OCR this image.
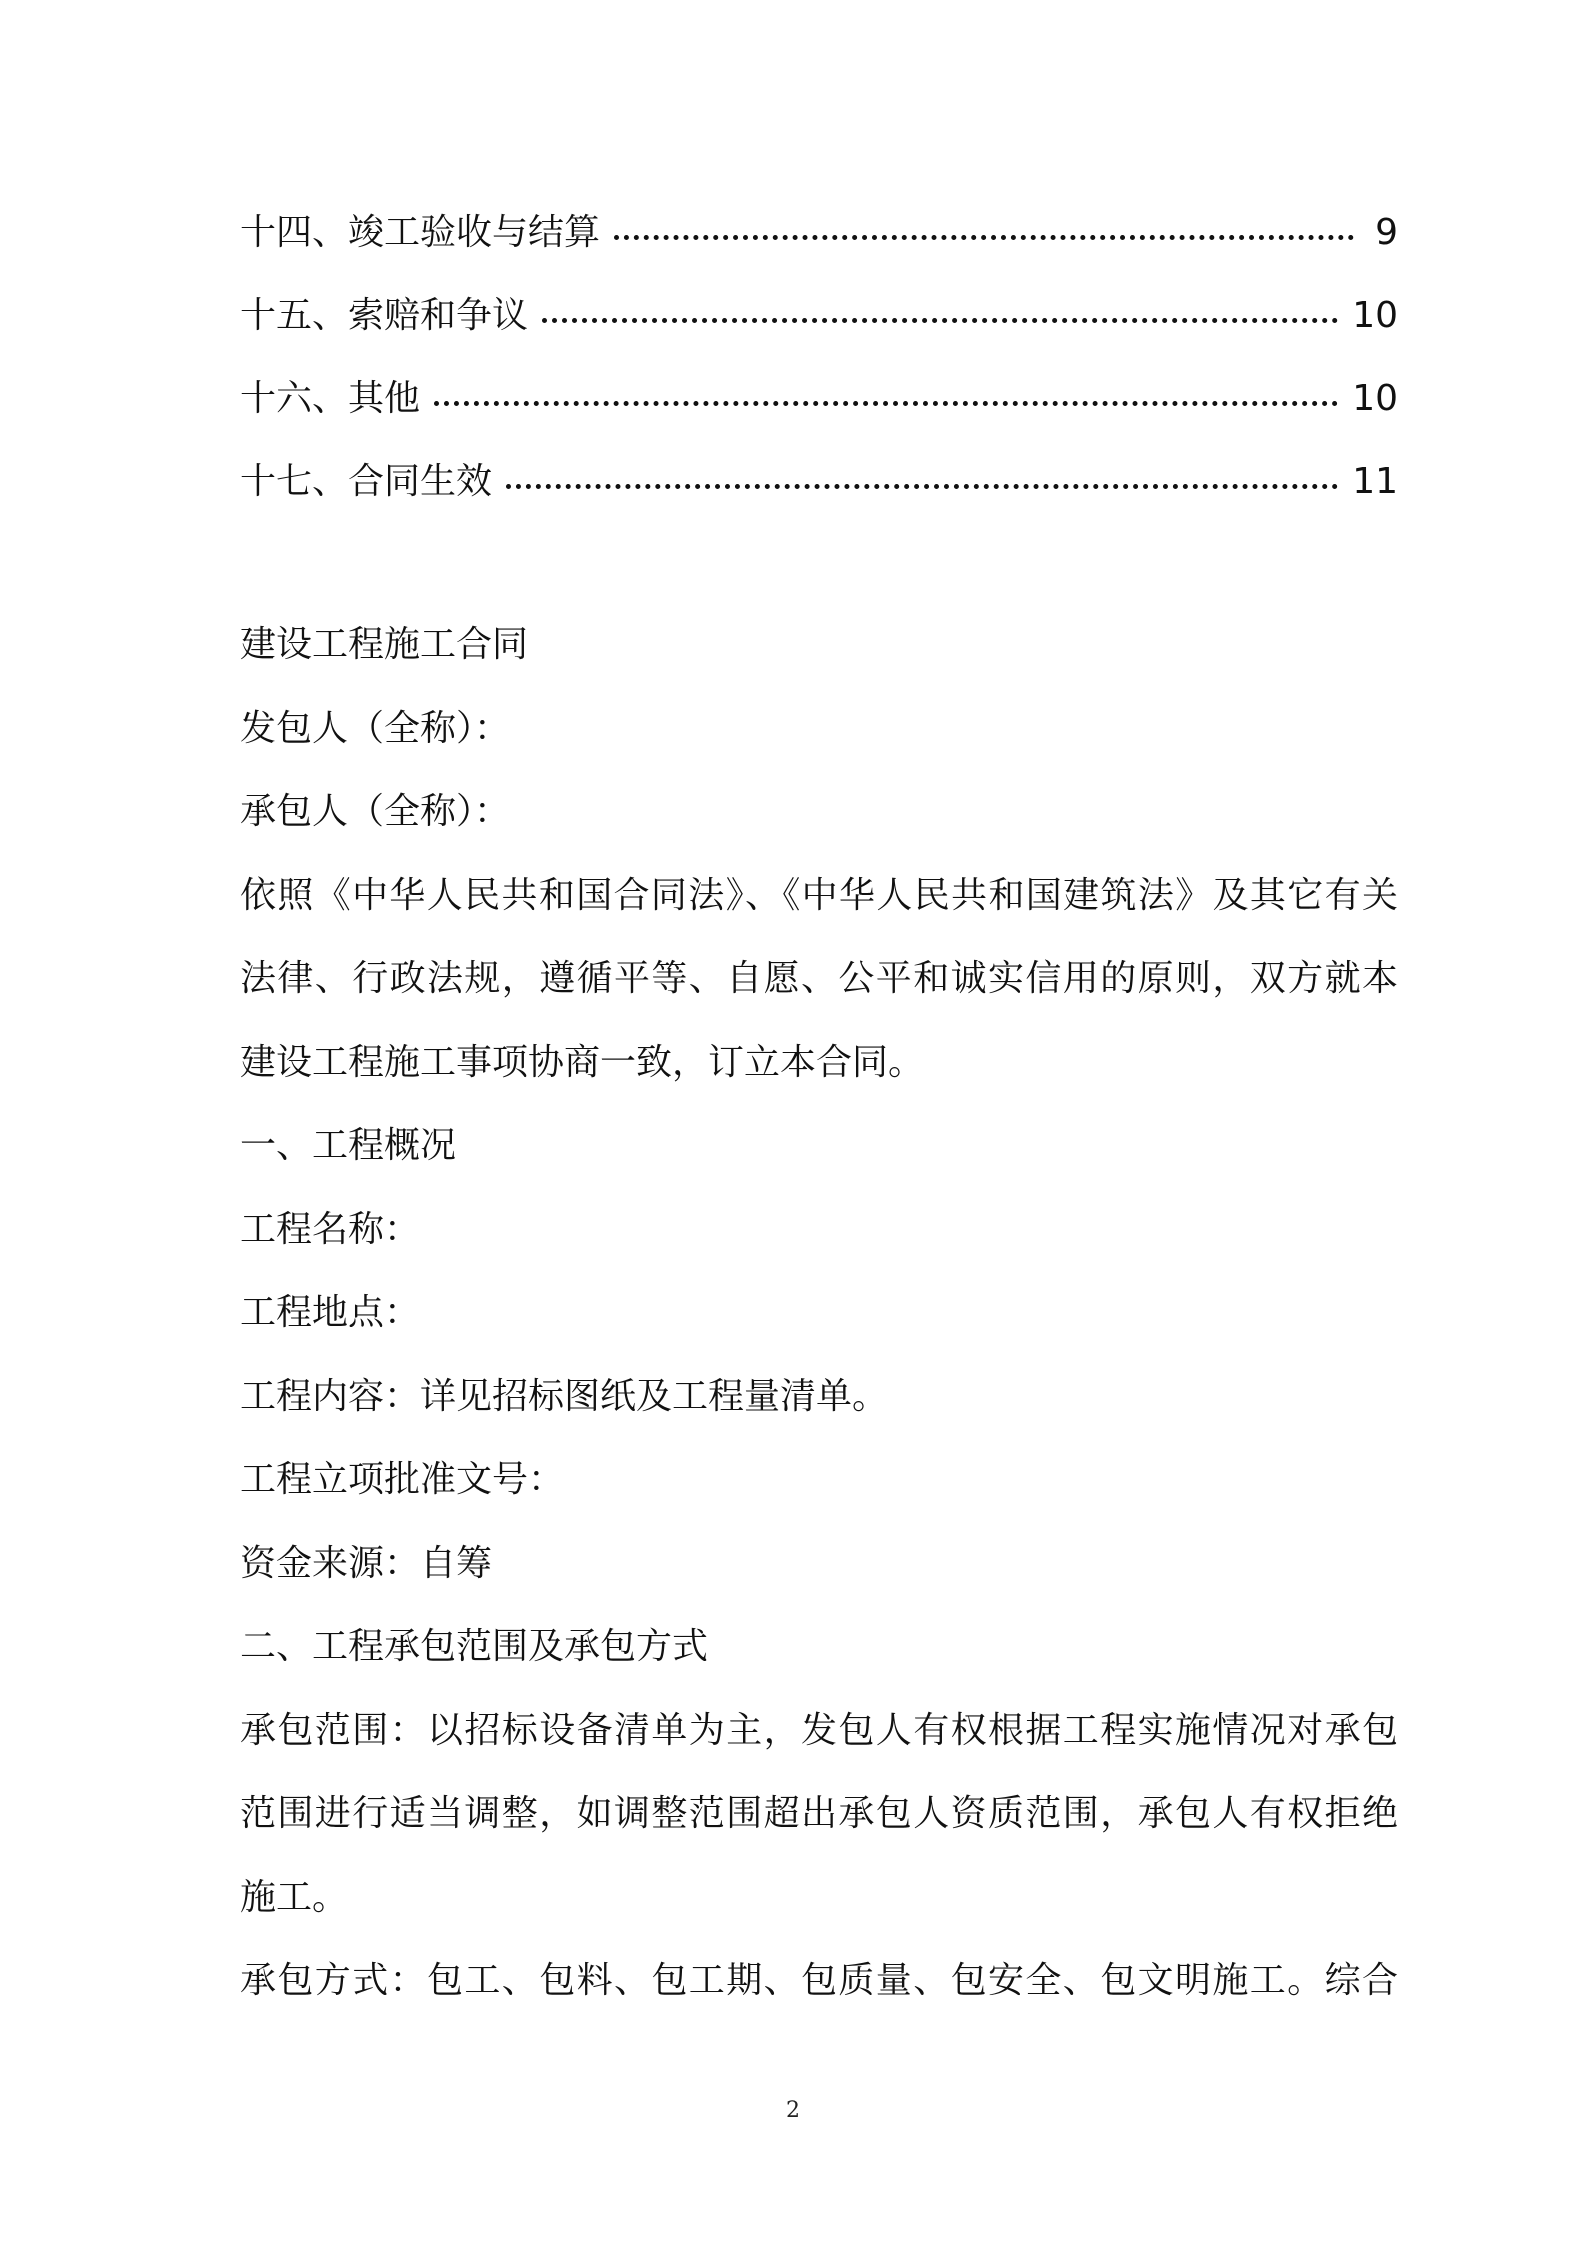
十四、竣工验收与结算	9
十五、索赔和争议	10
十六、其他	10
十七、合同生效	11
建设工程施工合同
发包人（全称）：
承包人（全称）：
依照《中华人民共和国合同法》、《中华人民共和国建筑法》及其它有关
法律、行政法规，遵循平等、自愿、公平和诚实信用的原则，双方就本
建设工程施工事项协商一致，订立本合同。
一、工程概况
工程名称：
工程地点：
工程内容：详见招标图纸及工程量清单。
工程立项批准文号：
资金来源：自筹
二、工程承包范围及承包方式
承包范围：以招标设备清单为主，发包人有权根据工程实施情况对承包
范围进行适当调整，如调整范围超出承包人资质范围，承包人有权拒绝
施工。
承包方式：包工、包料、包工期、包质量、包安全、包文明施工。综合
2
